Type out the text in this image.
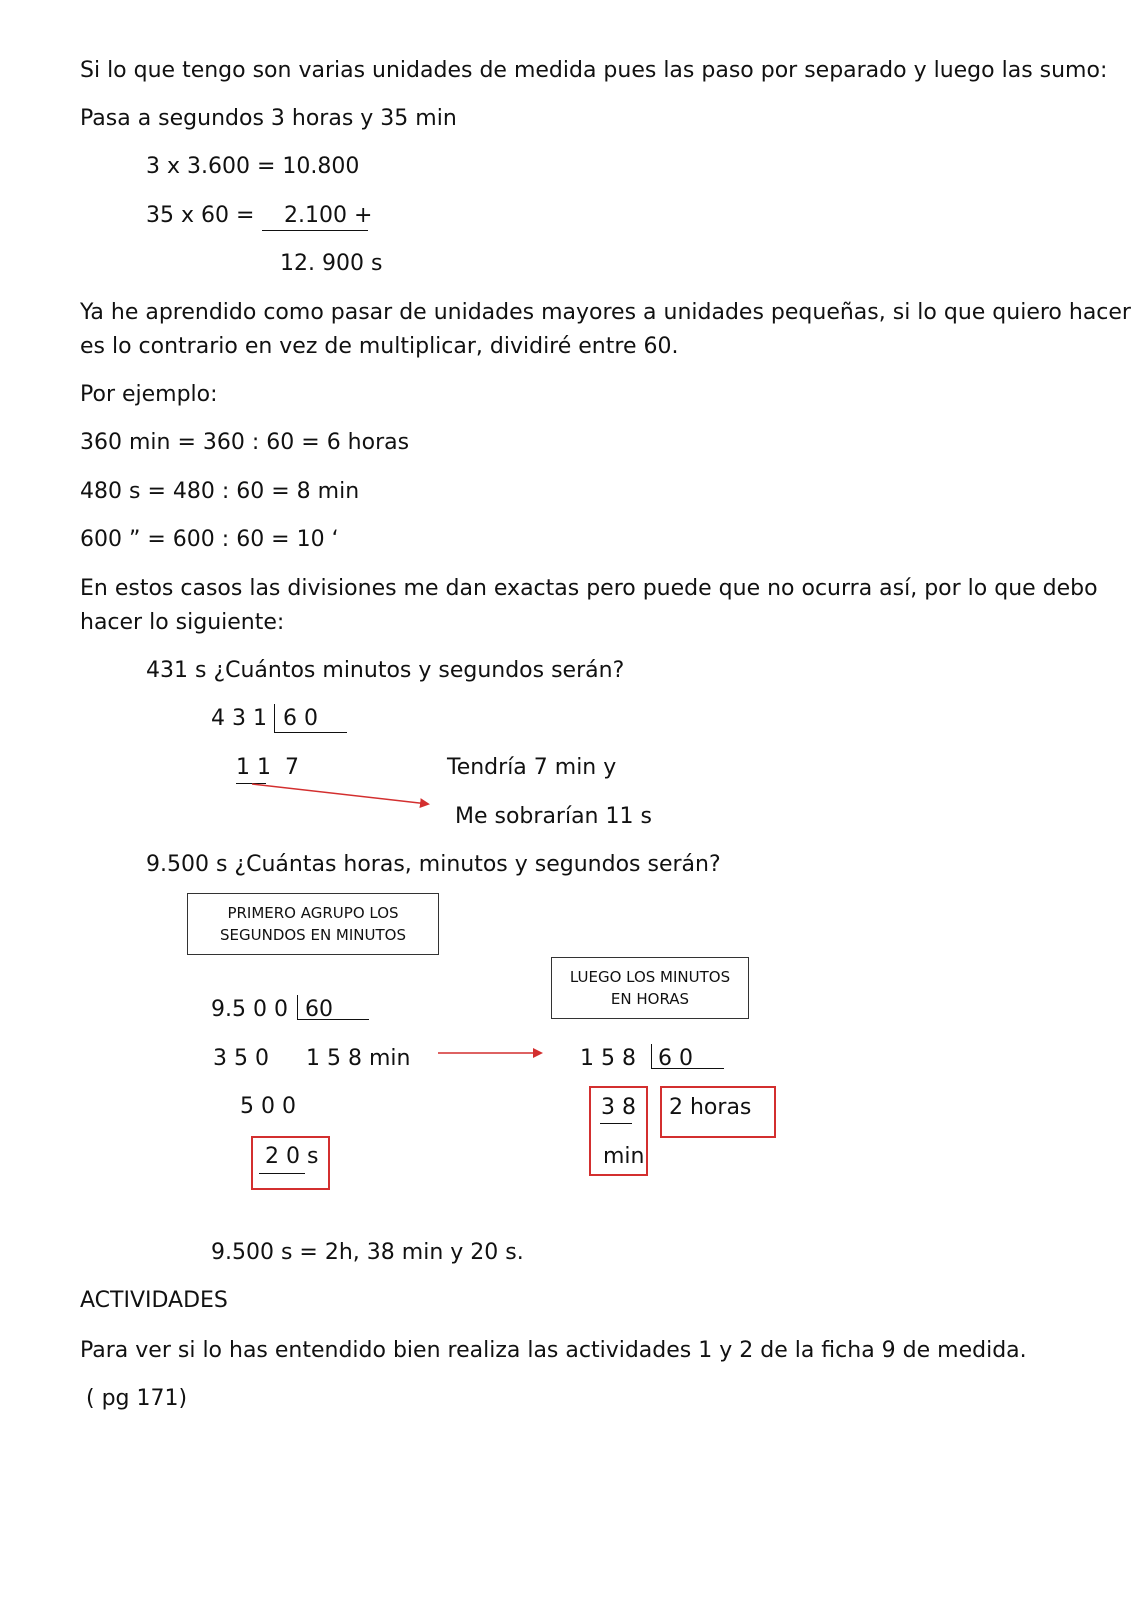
Si lo que tengo son varias unidades de medida pues las paso por separado y luego las sumo:
Pasa a segundos 3 horas y 35 min
3 x 3.600 = 10.800
35 x 60 = 2.100 +
12. 900 s
Ya he aprendido como pasar de unidades mayores a unidades pequeñas, si lo que quiero hacer
es lo contrario en vez de multiplicar, dividiré entre 60.
Por ejemplo:
360 min = 360 : 60 = 6 horas
480 s = 480 : 60 = 8 min
600 ” = 600 : 60 = 10 ‘
En estos casos las divisiones me dan exactas pero puede que no ocurra así, por lo que debo
hacer lo siguiente:
431 s ¿Cuántos minutos y segundos serán?
4 3 1 6 0
1 1 7	Tendría 7 min y
Me sobrarían 11 s
9.500 s ¿Cuántas horas, minutos y segundos serán?
PRIMERO AGRUPO LOS
SEGUNDOS EN MINUTOS
LUEGO LOS MINUTOS
EN HORAS
9.5 0 0 60
3 5 0 1 5 8 min
5 0 0
2 0 s
1 5 8 6 0
3 8
min
2 horas
9.500 s = 2h, 38 min y 20 s.
ACTIVIDADES
Para ver si lo has entendido bien realiza las actividades 1 y 2 de la ficha 9 de medida.
( pg 171)
